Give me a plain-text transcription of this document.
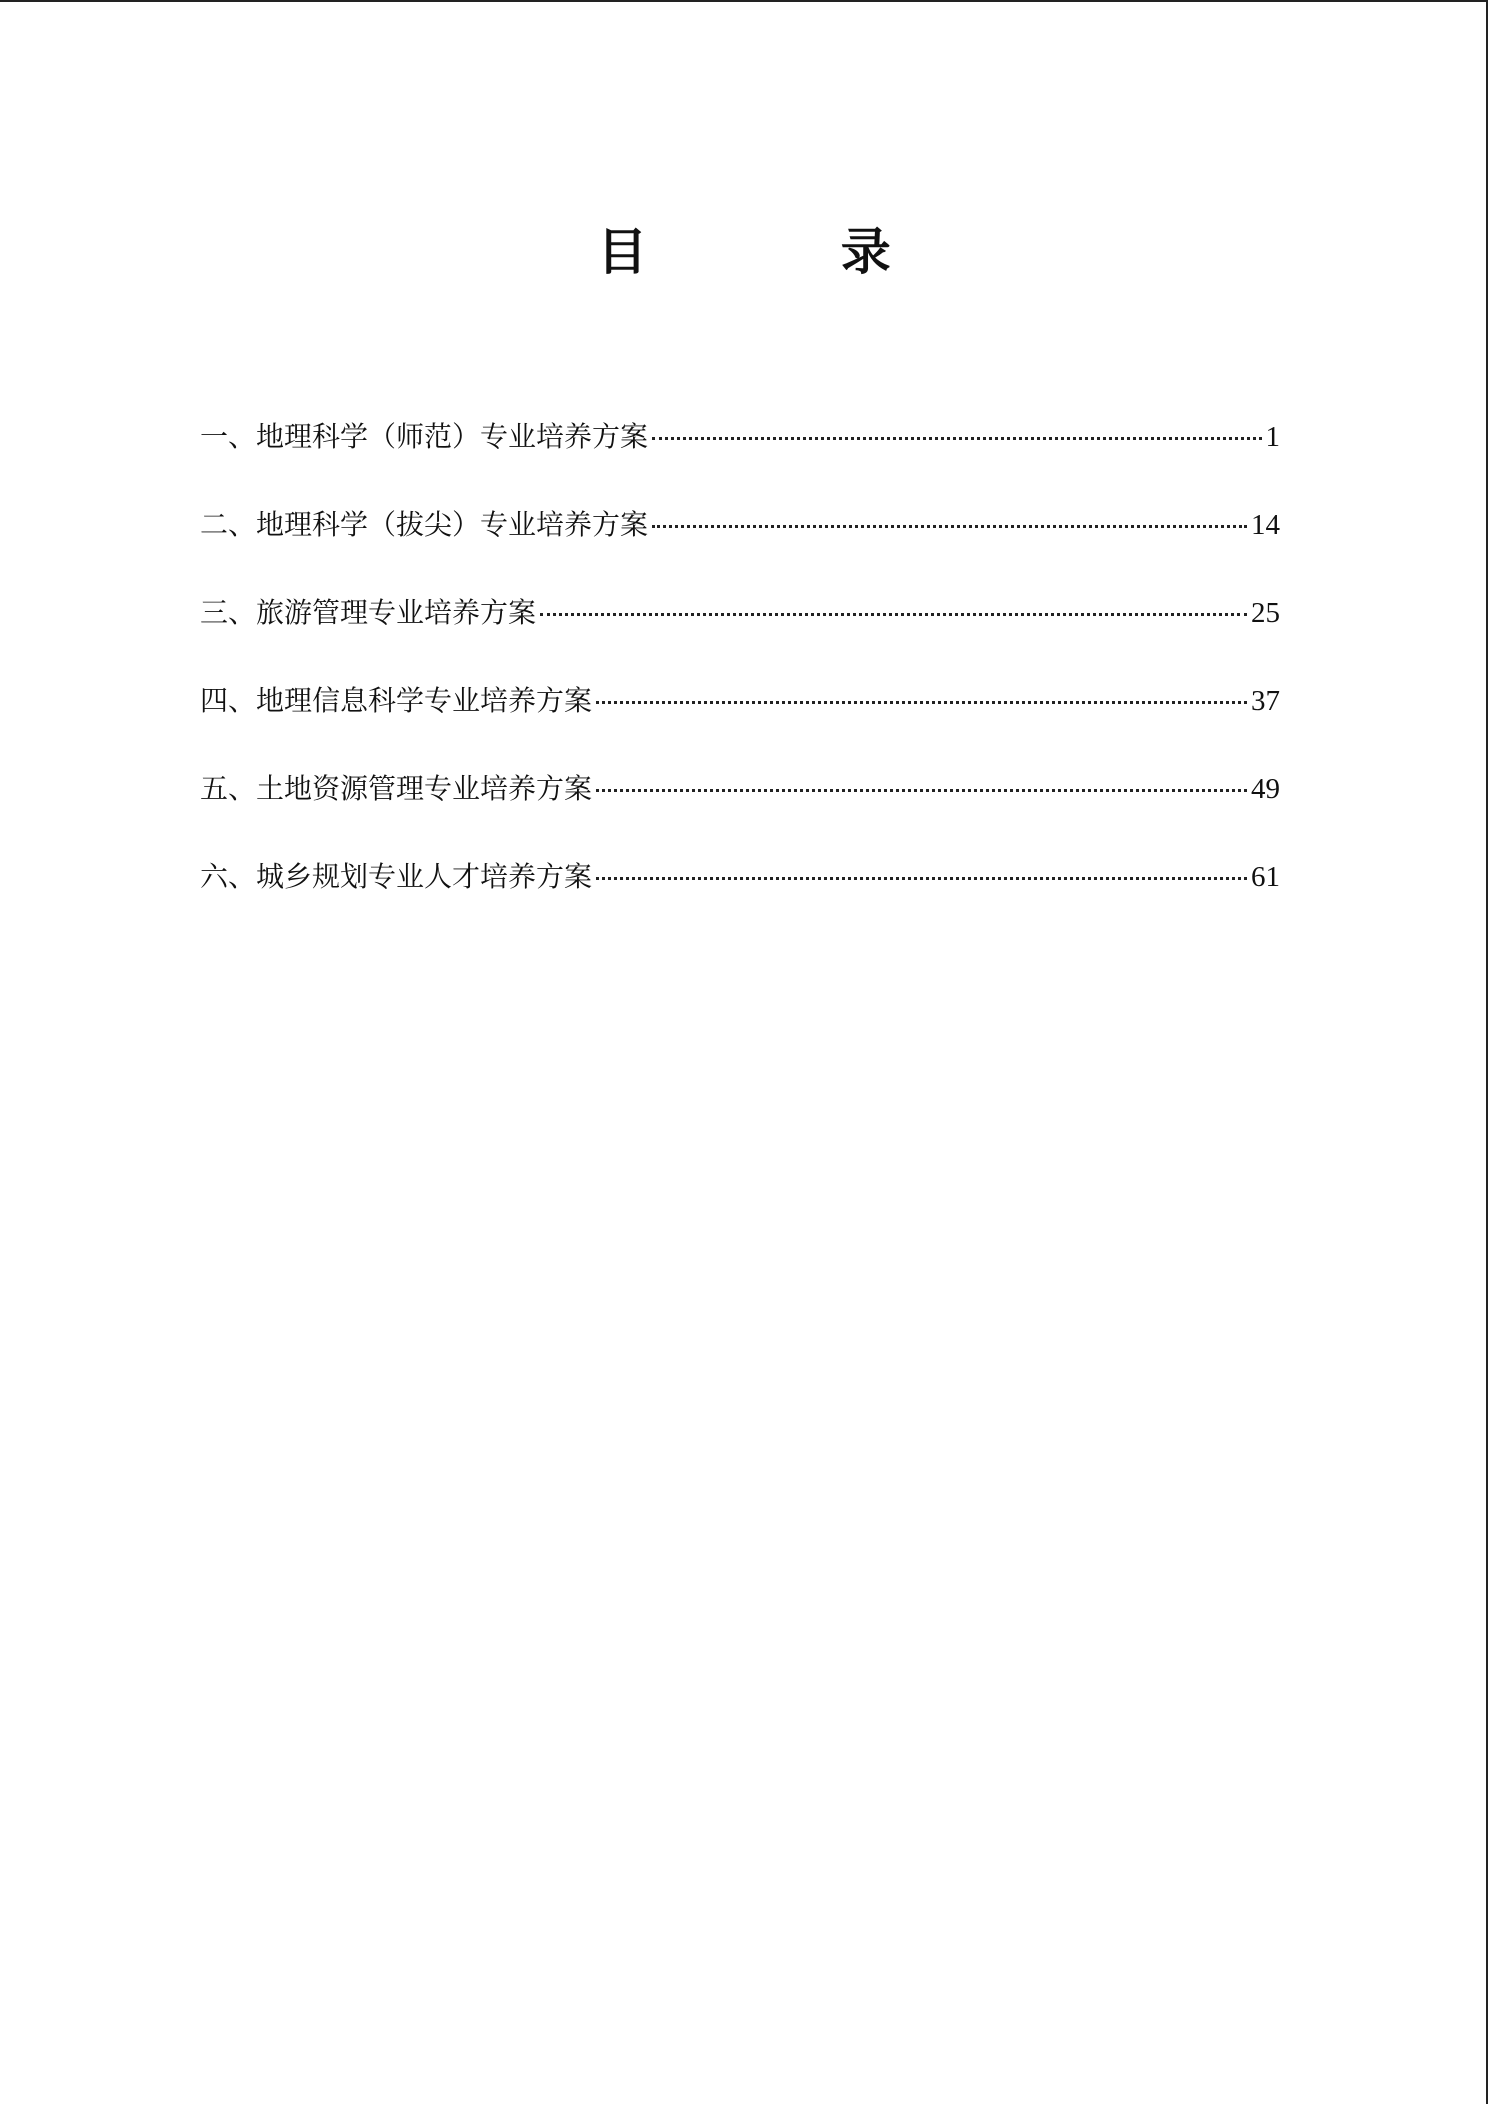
目 录
一、地理科学（师范）专业培养方案	1
二、地理科学（拔尖）专业培养方案	14
三、旅游管理专业培养方案	25
四、地理信息科学专业培养方案	37
五、土地资源管理专业培养方案	49
六、城乡规划专业人才培养方案	61
